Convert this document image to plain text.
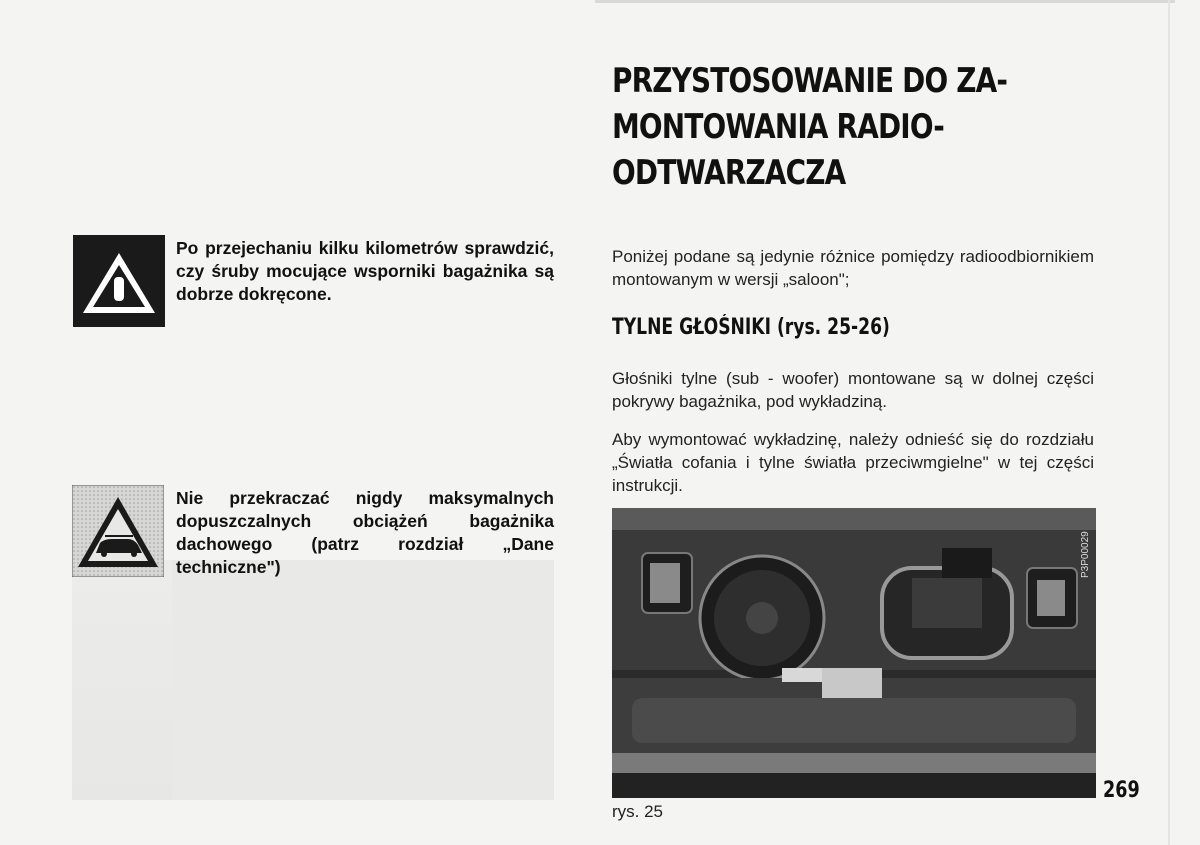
Po przejechaniu kilku kilometrów sprawdzić, czy śruby mocujące wsporniki bagażnika są dobrze dokręcone.
Nie przekraczać nigdy maksymalnych dopuszczalnych obciążeń bagażnika dachowego (patrz rozdział „Dane techniczne")
PRZYSTOSOWANIE DO ZA-
MONTOWANIA RADIO-
ODTWARZACZA
Poniżej podane są jedynie różnice pomiędzy radioodbiornikiem montowanym w wersji „saloon";
TYLNE GŁOŚNIKI (rys. 25-26)
Głośniki tylne (sub - woofer) montowane są w dolnej części pokrywy bagażnika, pod wykładziną.
Aby wymontować wykładzinę, należy odnieść się do rozdziału „Światła cofania i tylne światła przeciwmgielne" w tej części instrukcji.
P3P00029
rys. 25
269
